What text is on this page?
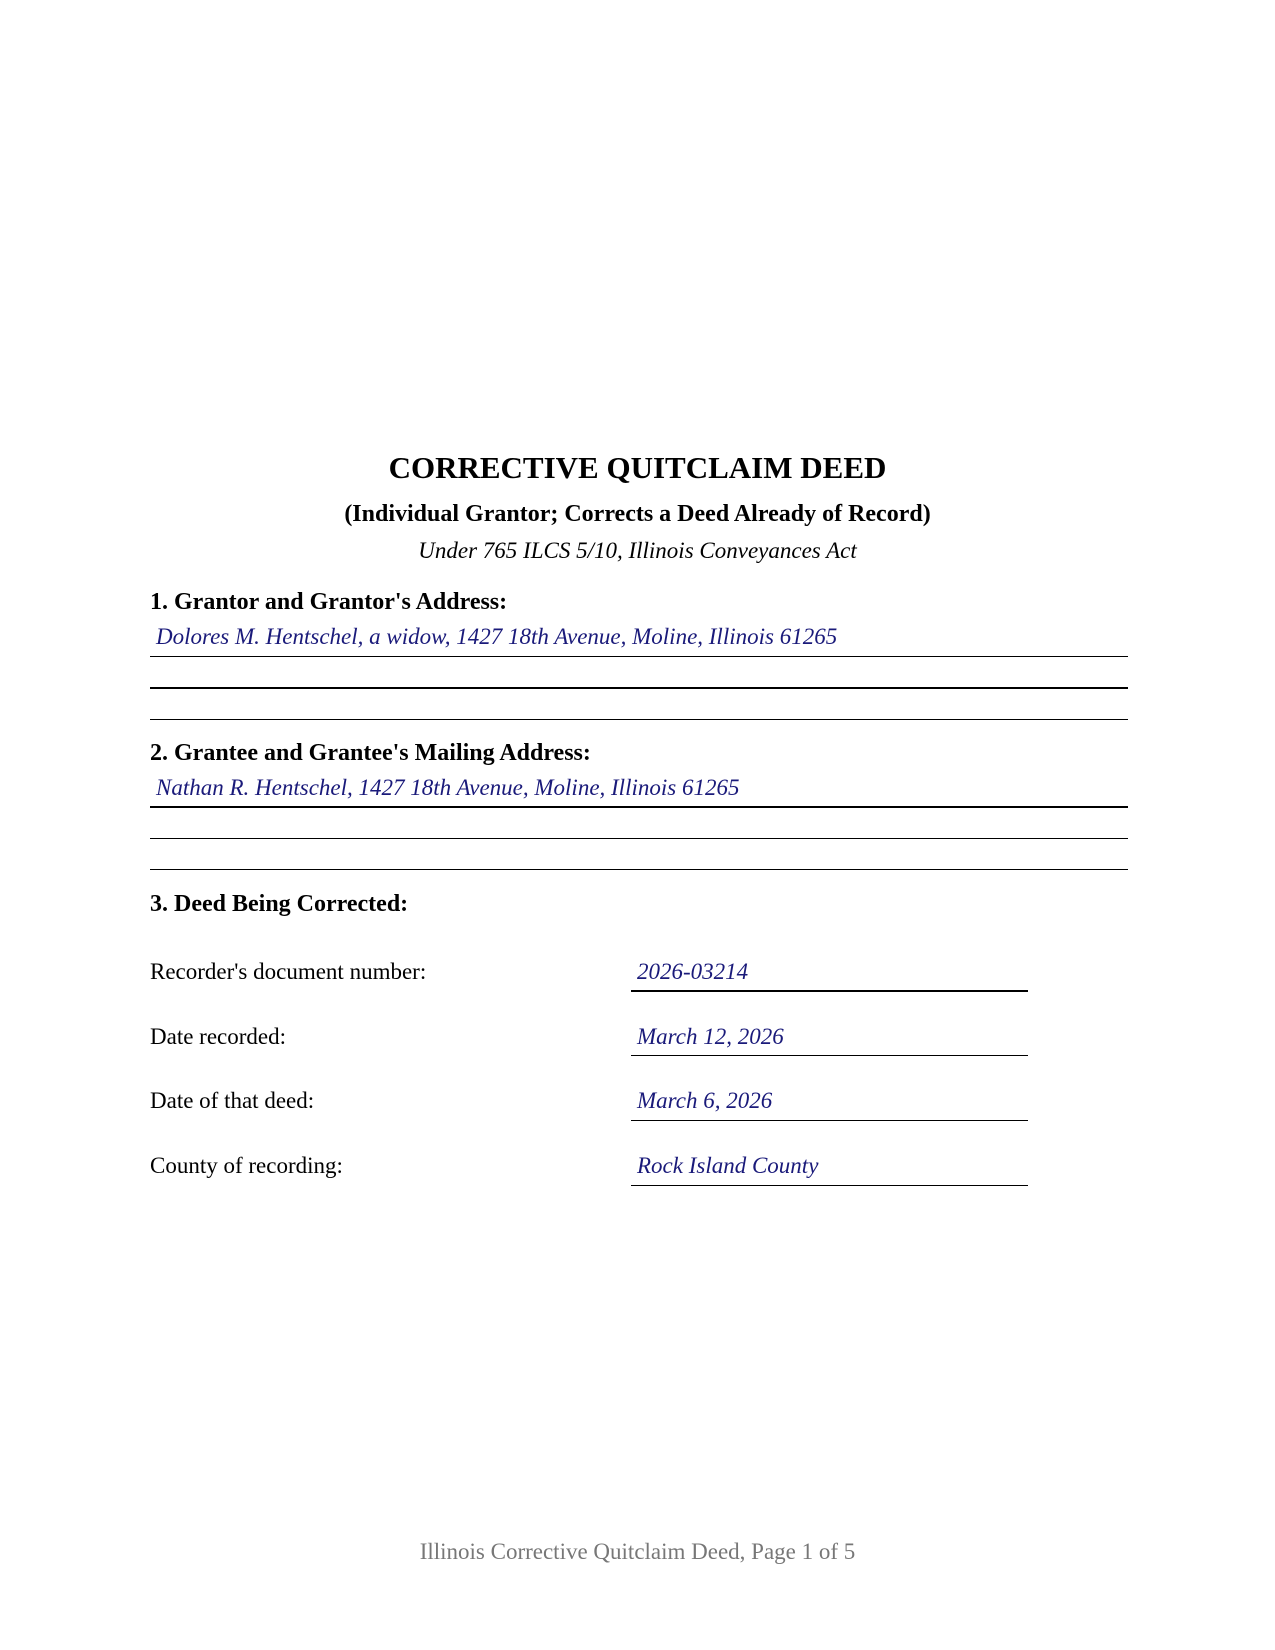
CORRECTIVE QUITCLAIM DEED
(Individual Grantor; Corrects a Deed Already of Record)
Under 765 ILCS 5/10, Illinois Conveyances Act
1. Grantor and Grantor's Address:
Dolores M. Hentschel, a widow, 1427 18th Avenue, Moline, Illinois 61265
2. Grantee and Grantee's Mailing Address:
Nathan R. Hentschel, 1427 18th Avenue, Moline, Illinois 61265
3. Deed Being Corrected:
Recorder's document number:	2026-03214
Date recorded:	March 12, 2026
Date of that deed:	March 6, 2026
County of recording:	Rock Island County
Illinois Corrective Quitclaim Deed, Page 1 of 5
